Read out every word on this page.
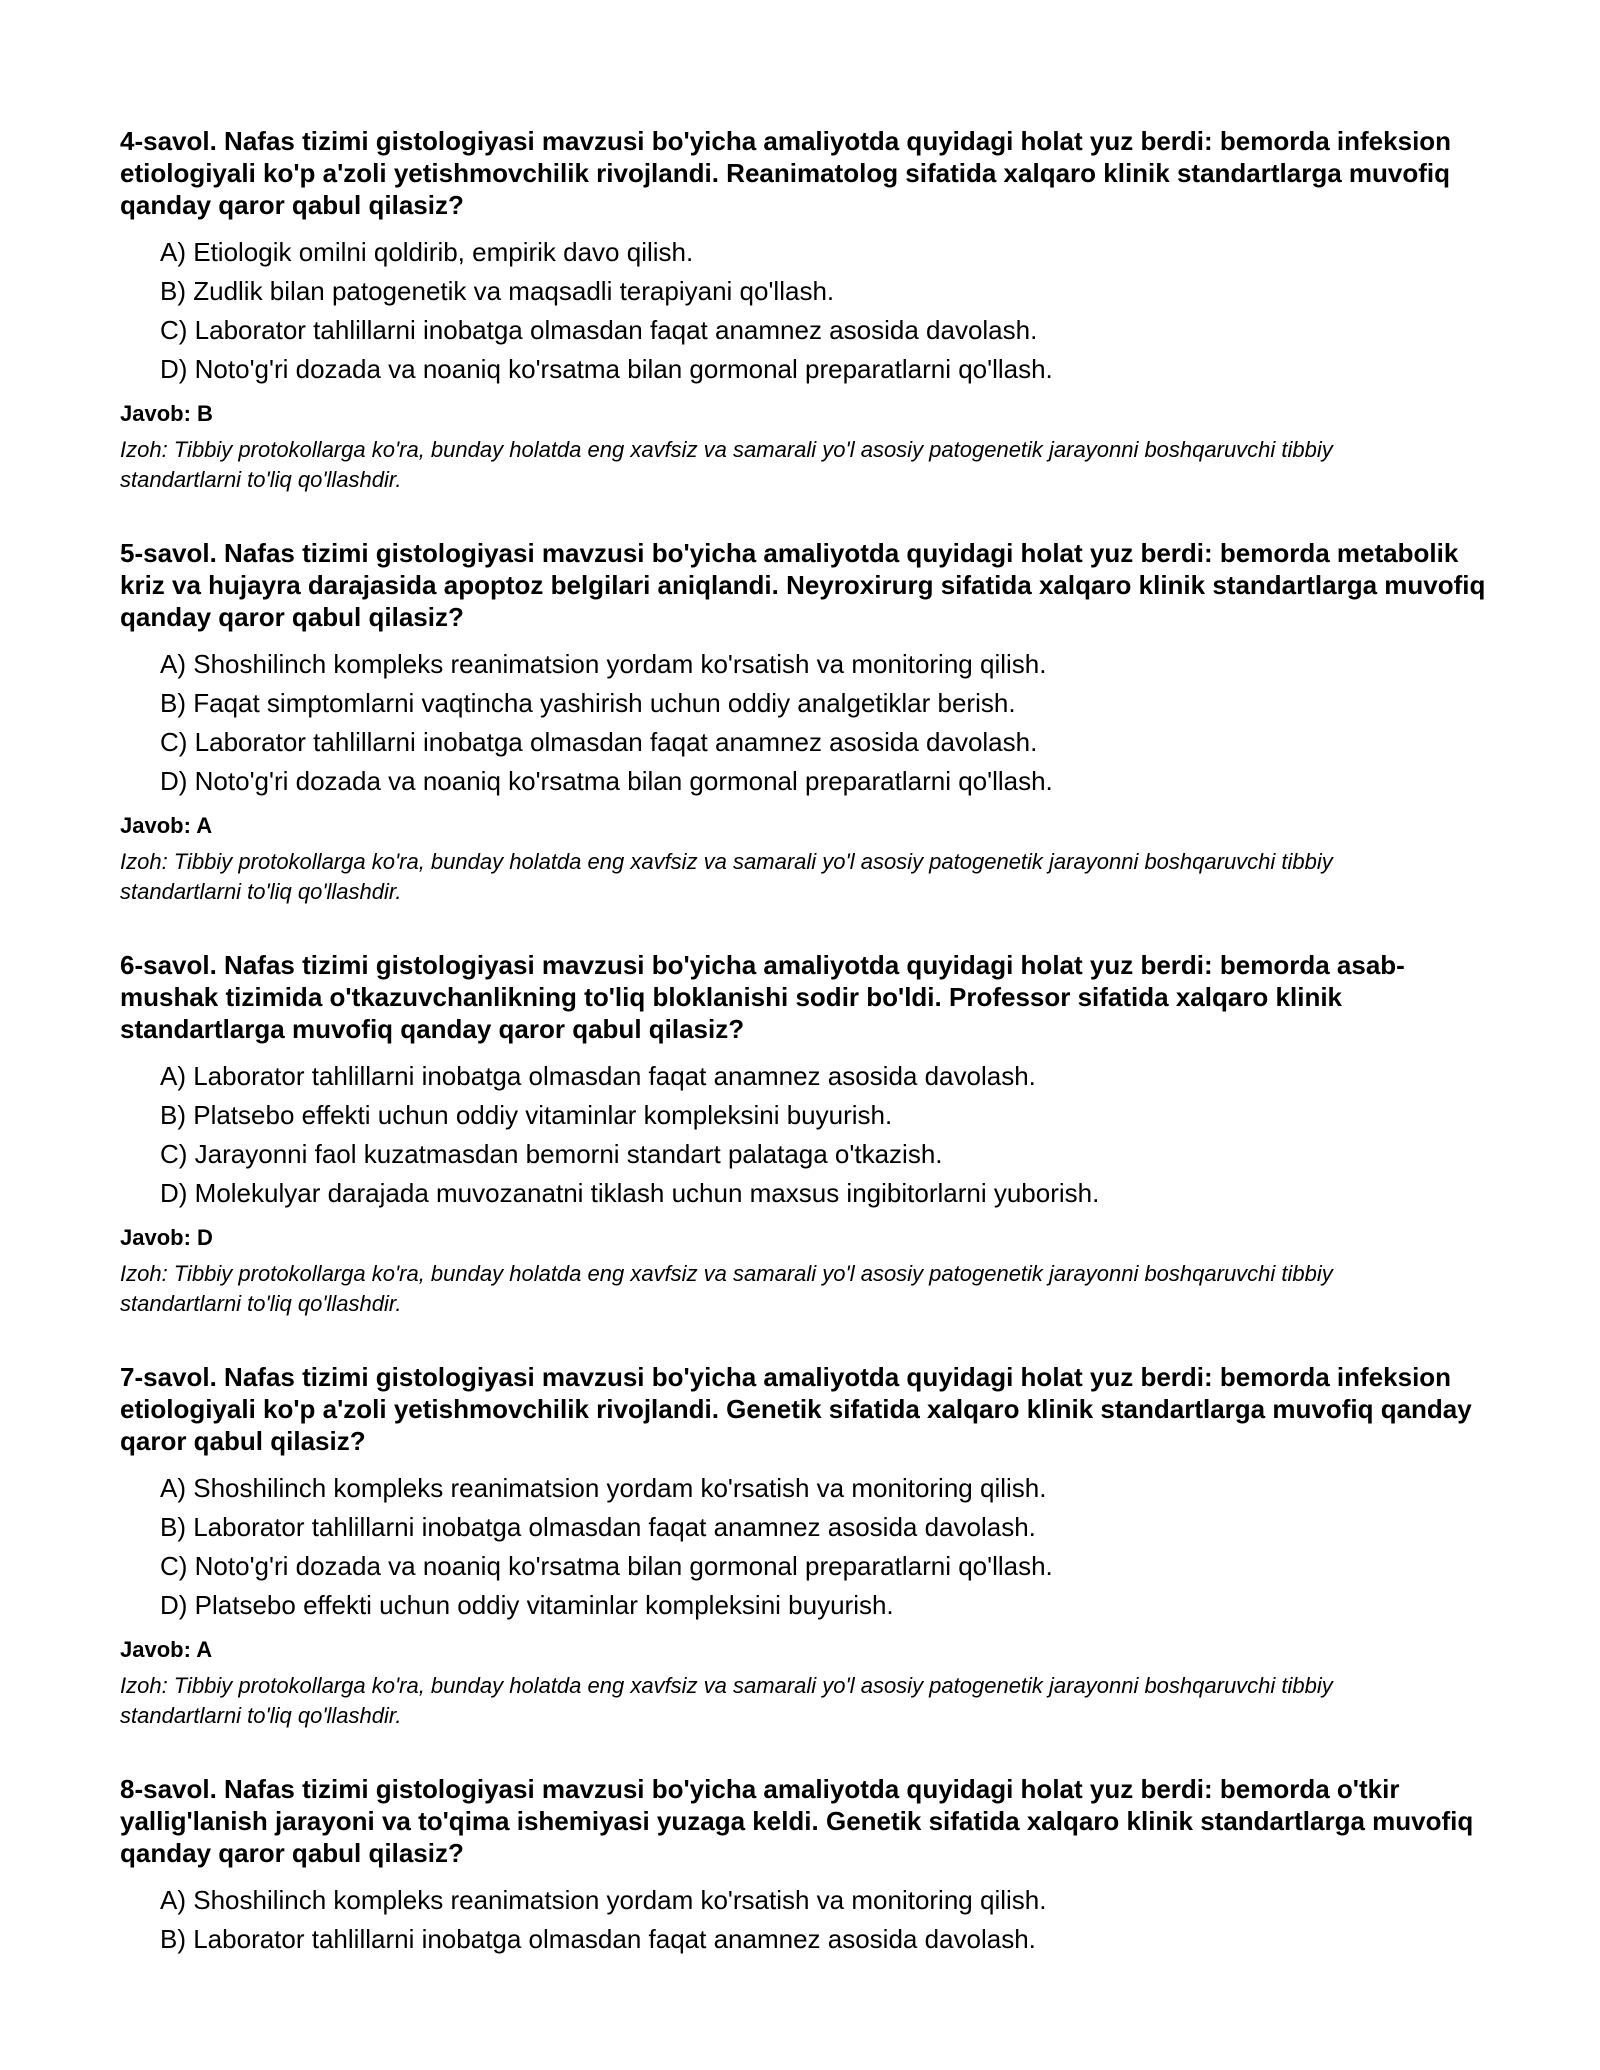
4-savol. Nafas tizimi gistologiyasi mavzusi bo'yicha amaliyotda quyidagi holat yuz berdi: bemorda infeksion etiologiyali ko'p a'zoli yetishmovchilik rivojlandi. Reanimatolog sifatida xalqaro klinik standartlarga muvofiq qanday qaror qabul qilasiz?

A) Etiologik omilni qoldirib, empirik davo qilish.
B) Zudlik bilan patogenetik va maqsadli terapiyani qo'llash.
C) Laborator tahlillarni inobatga olmasdan faqat anamnez asosida davolash.
D) Noto'g'ri dozada va noaniq ko'rsatma bilan gormonal preparatlarni qo'llash.

Javob: B

Izoh: Tibbiy protokollarga ko'ra, bunday holatda eng xavfsiz va samarali yo'l asosiy patogenetik jarayonni boshqaruvchi tibbiy standartlarni to'liq qo'llashdir.

5-savol. Nafas tizimi gistologiyasi mavzusi bo'yicha amaliyotda quyidagi holat yuz berdi: bemorda metabolik kriz va hujayra darajasida apoptoz belgilari aniqlandi. Neyroxirurg sifatida xalqaro klinik standartlarga muvofiq qanday qaror qabul qilasiz?

A) Shoshilinch kompleks reanimatsion yordam ko'rsatish va monitoring qilish.
B) Faqat simptomlarni vaqtincha yashirish uchun oddiy analgetiklar berish.
C) Laborator tahlillarni inobatga olmasdan faqat anamnez asosida davolash.
D) Noto'g'ri dozada va noaniq ko'rsatma bilan gormonal preparatlarni qo'llash.

Javob: A

Izoh: Tibbiy protokollarga ko'ra, bunday holatda eng xavfsiz va samarali yo'l asosiy patogenetik jarayonni boshqaruvchi tibbiy standartlarni to'liq qo'llashdir.

6-savol. Nafas tizimi gistologiyasi mavzusi bo'yicha amaliyotda quyidagi holat yuz berdi: bemorda asab-mushak tizimida o'tkazuvchanlikning to'liq bloklanishi sodir bo'ldi. Professor sifatida xalqaro klinik standartlarga muvofiq qanday qaror qabul qilasiz?

A) Laborator tahlillarni inobatga olmasdan faqat anamnez asosida davolash.
B) Platsebo effekti uchun oddiy vitaminlar kompleksini buyurish.
C) Jarayonni faol kuzatmasdan bemorni standart palataga o'tkazish.
D) Molekulyar darajada muvozanatni tiklash uchun maxsus ingibitorlarni yuborish.

Javob: D

Izoh: Tibbiy protokollarga ko'ra, bunday holatda eng xavfsiz va samarali yo'l asosiy patogenetik jarayonni boshqaruvchi tibbiy standartlarni to'liq qo'llashdir.

7-savol. Nafas tizimi gistologiyasi mavzusi bo'yicha amaliyotda quyidagi holat yuz berdi: bemorda infeksion etiologiyali ko'p a'zoli yetishmovchilik rivojlandi. Genetik sifatida xalqaro klinik standartlarga muvofiq qanday qaror qabul qilasiz?

A) Shoshilinch kompleks reanimatsion yordam ko'rsatish va monitoring qilish.
B) Laborator tahlillarni inobatga olmasdan faqat anamnez asosida davolash.
C) Noto'g'ri dozada va noaniq ko'rsatma bilan gormonal preparatlarni qo'llash.
D) Platsebo effekti uchun oddiy vitaminlar kompleksini buyurish.

Javob: A

Izoh: Tibbiy protokollarga ko'ra, bunday holatda eng xavfsiz va samarali yo'l asosiy patogenetik jarayonni boshqaruvchi tibbiy standartlarni to'liq qo'llashdir.

8-savol. Nafas tizimi gistologiyasi mavzusi bo'yicha amaliyotda quyidagi holat yuz berdi: bemorda o'tkir yallig'lanish jarayoni va to'qima ishemiyasi yuzaga keldi. Genetik sifatida xalqaro klinik standartlarga muvofiq qanday qaror qabul qilasiz?

A) Shoshilinch kompleks reanimatsion yordam ko'rsatish va monitoring qilish.
B) Laborator tahlillarni inobatga olmasdan faqat anamnez asosida davolash.
